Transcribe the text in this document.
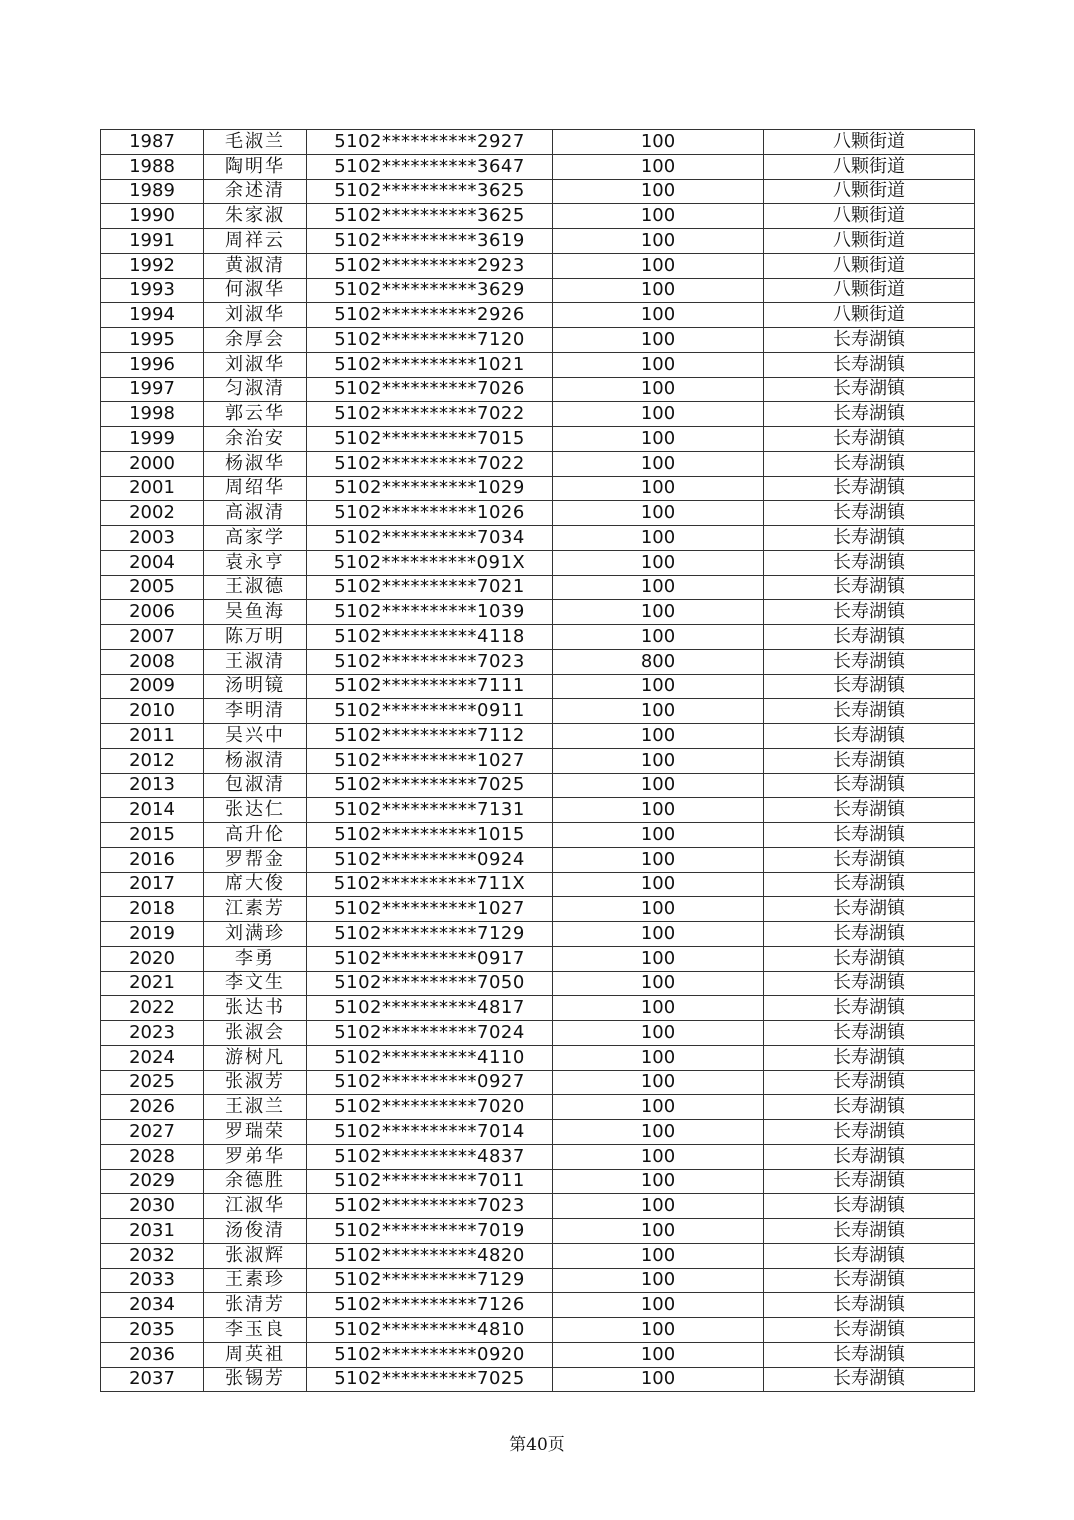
1987	毛淑兰	5102**********2927	100	八颗街道
1988	陶明华	5102**********3647	100	八颗街道
1989	余述清	5102**********3625	100	八颗街道
1990	朱家淑	5102**********3625	100	八颗街道
1991	周祥云	5102**********3619	100	八颗街道
1992	黄淑清	5102**********2923	100	八颗街道
1993	何淑华	5102**********3629	100	八颗街道
1994	刘淑华	5102**********2926	100	八颗街道
1995	余厚会	5102**********7120	100	长寿湖镇
1996	刘淑华	5102**********1021	100	长寿湖镇
1997	匀淑清	5102**********7026	100	长寿湖镇
1998	郭云华	5102**********7022	100	长寿湖镇
1999	余治安	5102**********7015	100	长寿湖镇
2000	杨淑华	5102**********7022	100	长寿湖镇
2001	周绍华	5102**********1029	100	长寿湖镇
2002	高淑清	5102**********1026	100	长寿湖镇
2003	高家学	5102**********7034	100	长寿湖镇
2004	袁永亨	5102**********091X	100	长寿湖镇
2005	王淑德	5102**********7021	100	长寿湖镇
2006	吴鱼海	5102**********1039	100	长寿湖镇
2007	陈万明	5102**********4118	100	长寿湖镇
2008	王淑清	5102**********7023	800	长寿湖镇
2009	汤明镜	5102**********7111	100	长寿湖镇
2010	李明清	5102**********0911	100	长寿湖镇
2011	吴兴中	5102**********7112	100	长寿湖镇
2012	杨淑清	5102**********1027	100	长寿湖镇
2013	包淑清	5102**********7025	100	长寿湖镇
2014	张达仁	5102**********7131	100	长寿湖镇
2015	高升伦	5102**********1015	100	长寿湖镇
2016	罗帮金	5102**********0924	100	长寿湖镇
2017	席大俊	5102**********711X	100	长寿湖镇
2018	江素芳	5102**********1027	100	长寿湖镇
2019	刘满珍	5102**********7129	100	长寿湖镇
2020	李勇	5102**********0917	100	长寿湖镇
2021	李文生	5102**********7050	100	长寿湖镇
2022	张达书	5102**********4817	100	长寿湖镇
2023	张淑会	5102**********7024	100	长寿湖镇
2024	游树凡	5102**********4110	100	长寿湖镇
2025	张淑芳	5102**********0927	100	长寿湖镇
2026	王淑兰	5102**********7020	100	长寿湖镇
2027	罗瑞荣	5102**********7014	100	长寿湖镇
2028	罗弟华	5102**********4837	100	长寿湖镇
2029	余德胜	5102**********7011	100	长寿湖镇
2030	江淑华	5102**********7023	100	长寿湖镇
2031	汤俊清	5102**********7019	100	长寿湖镇
2032	张淑辉	5102**********4820	100	长寿湖镇
2033	王素珍	5102**********7129	100	长寿湖镇
2034	张清芳	5102**********7126	100	长寿湖镇
2035	李玉良	5102**********4810	100	长寿湖镇
2036	周英祖	5102**********0920	100	长寿湖镇
2037	张锡芳	5102**********7025	100	长寿湖镇
第40页
